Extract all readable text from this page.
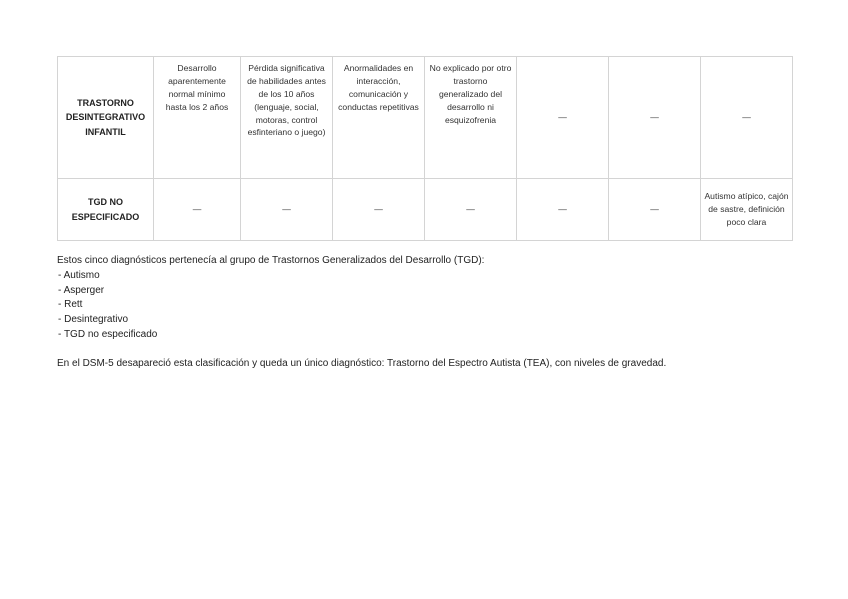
TRASTORNO DESINTEGRATIVO INFANTIL	Desarrollo aparentemente normal mínimo hasta los 2 años	Pérdida significativa de habilidades antes de los 10 años (lenguaje, social, motoras, control esfinteriano o juego)	Anormalidades en interacción, comunicación y conductas repetitivas	No explicado por otro trastorno generalizado del desarrollo ni esquizofrenia	—	—	—
TGD NO ESPECIFICADO	—	—	—	—	—	—	Autismo atípico, cajón de sastre, definición poco clara

Estos cinco diagnósticos pertenecía al grupo de Trastornos Generalizados del Desarrollo (TGD):

- Autismo
- Asperger
- Rett
- Desintegrativo
- TGD no especificado

En el DSM-5 desapareció esta clasificación y queda un único diagnóstico: Trastorno del Espectro Autista (TEA), con niveles de gravedad.
